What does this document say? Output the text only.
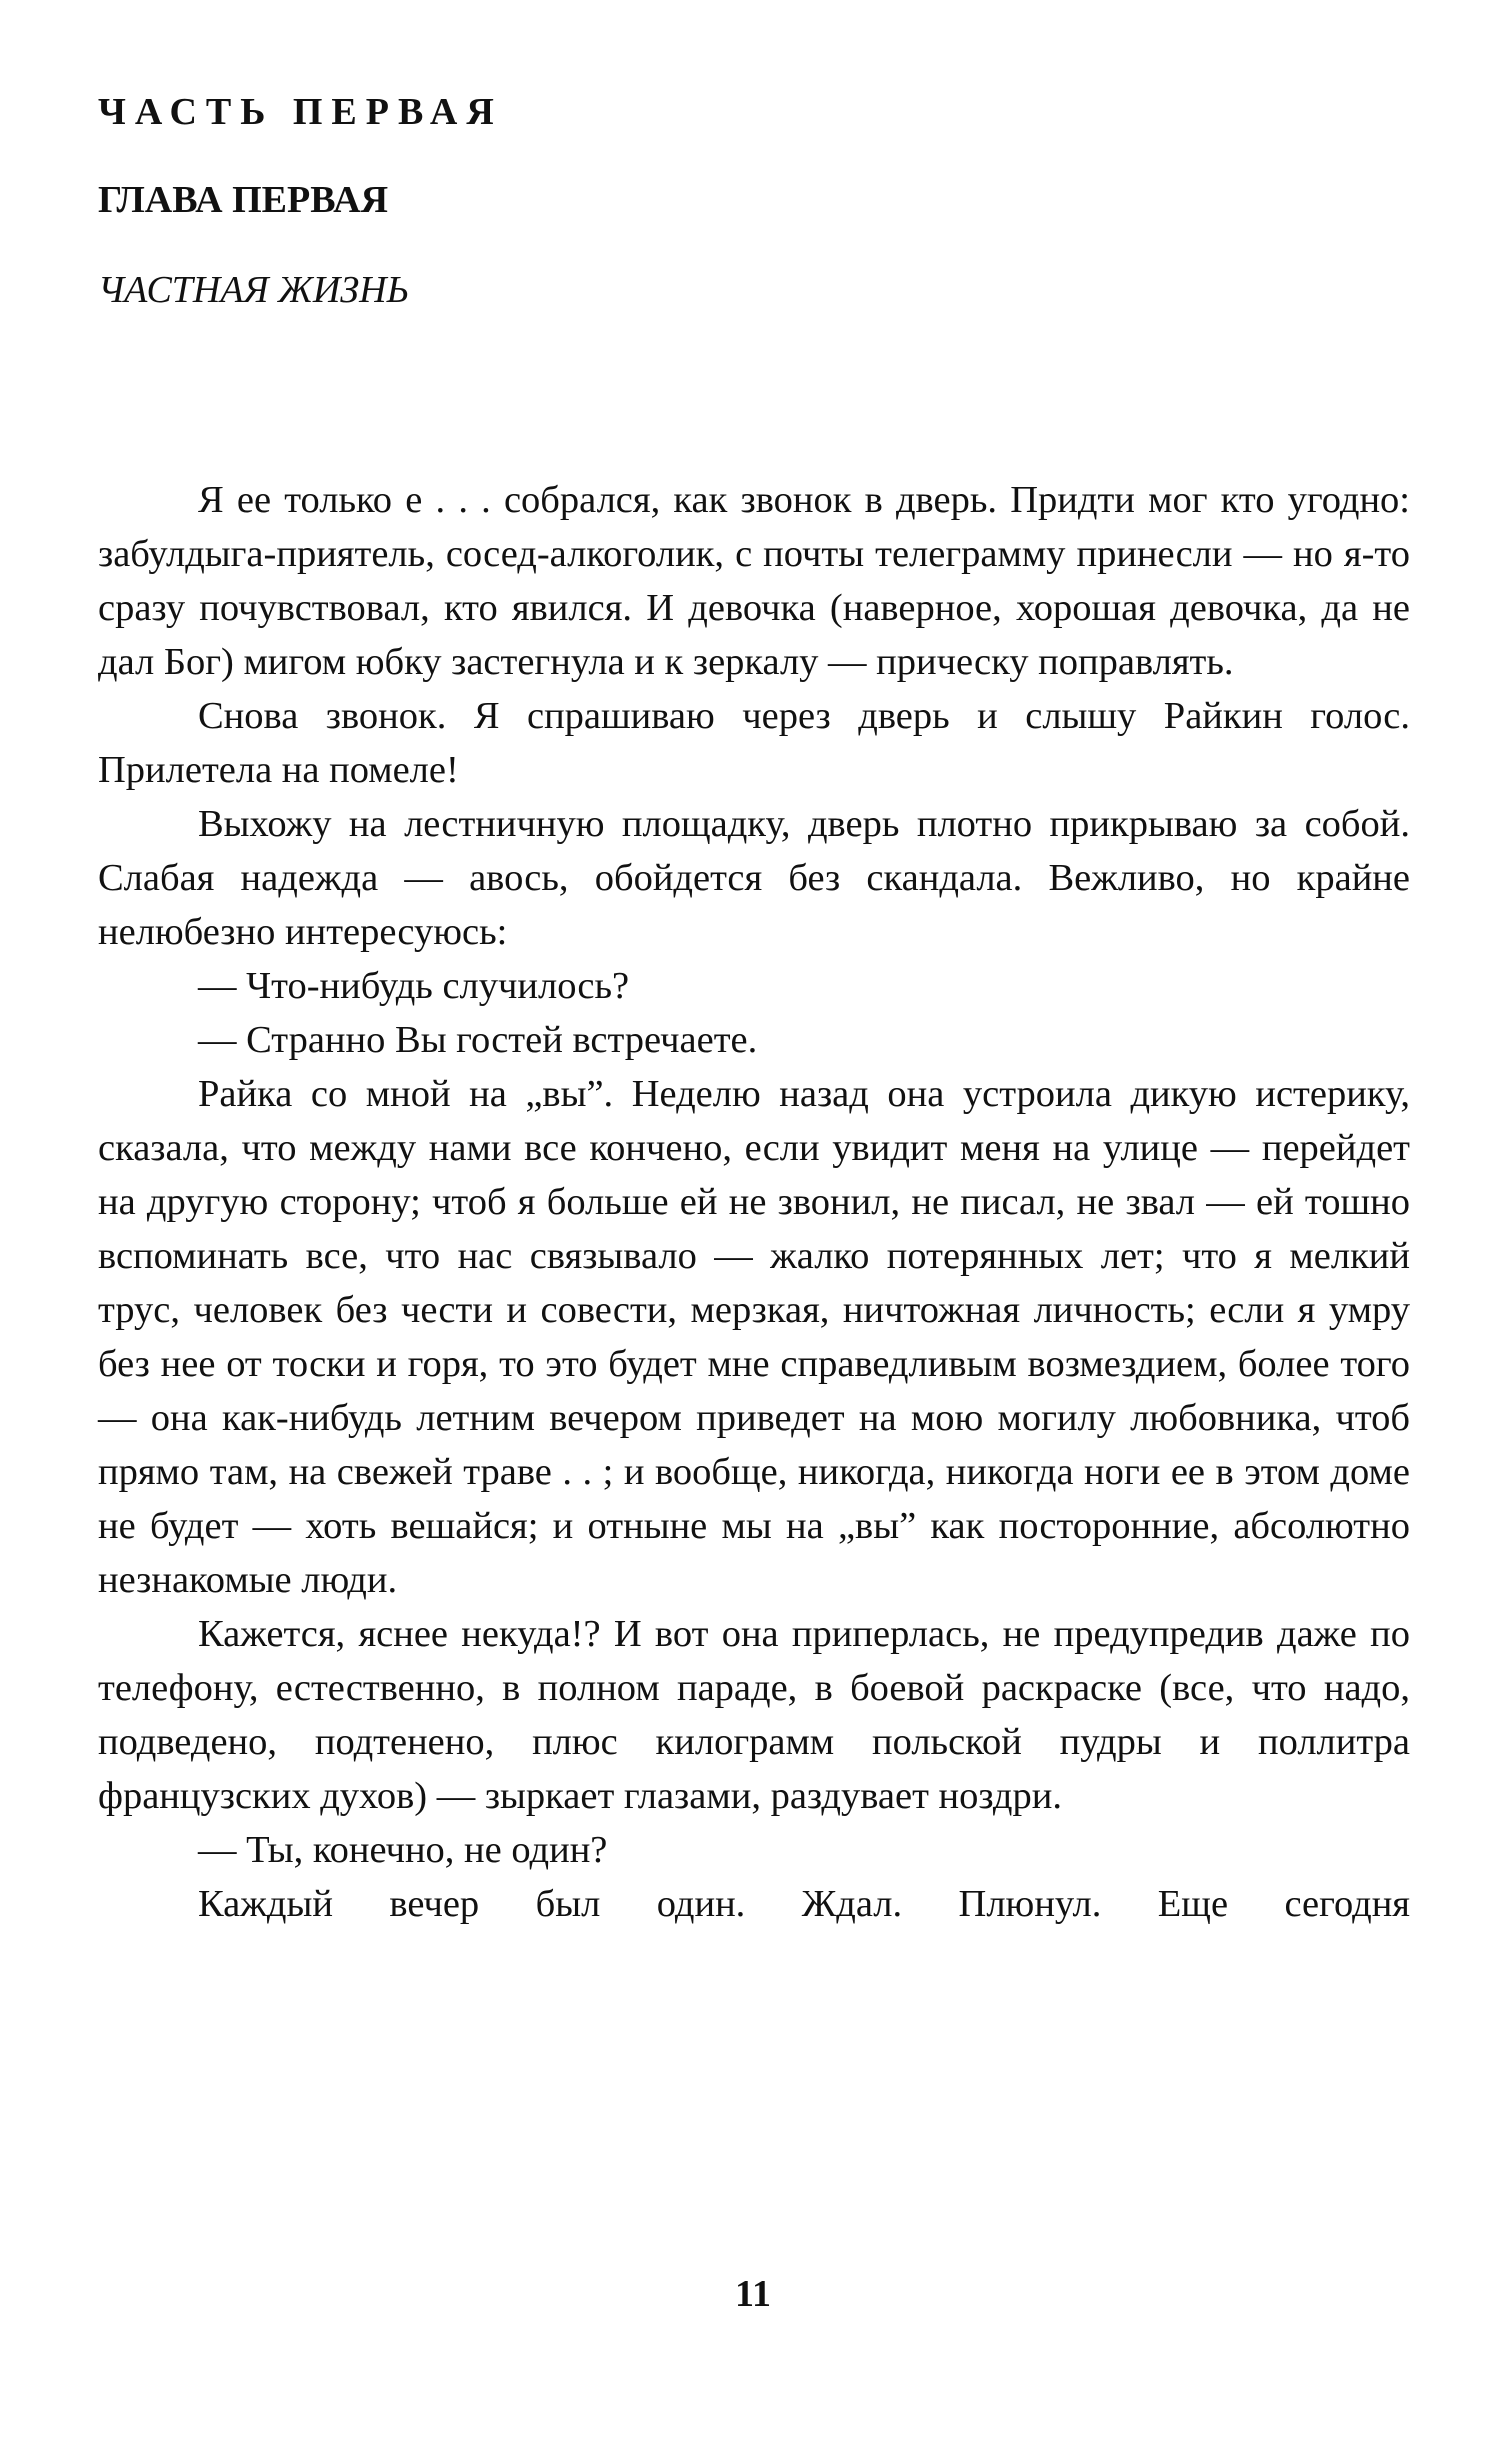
ЧАСТЬ ПЕРВАЯ
ГЛАВА ПЕРВАЯ
ЧАСТНАЯ ЖИЗНЬ

Я ее только е . . . собрался, как звонок в дверь. Придти мог кто угодно: забулдыга-приятель, сосед-алкоголик, с почты телеграмму принесли — но я-то сразу почувствовал, кто явился. И девочка (наверное, хорошая девочка, да не дал Бог) мигом юбку застегнула и к зеркалу — прическу поправлять.

Снова звонок. Я спрашиваю через дверь и слышу Райкин голос. Прилетела на помеле!

Выхожу на лестничную площадку, дверь плотно прикрываю за собой. Слабая надежда — авось, обойдется без скандала. Вежливо, но крайне нелюбезно интересуюсь:

— Что-нибудь случилось?

— Странно Вы гостей встречаете.

Райка со мной на „вы”. Неделю назад она устроила дикую истерику, сказала, что между нами все кончено, если увидит меня на улице — перейдет на другую сторону; чтоб я больше ей не звонил, не писал, не звал — ей тошно вспоминать все, что нас связывало — жалко потерянных лет; что я мелкий трус, человек без чести и совести, мерзкая, ничтожная личность; если я умру без нее от тоски и горя, то это будет мне справедливым возмездием, более того — она как-нибудь летним вечером приведет на мою могилу любовника, чтоб прямо там, на свежей траве . . ; и вообще, никогда, никогда ноги ее в этом доме не будет — хоть вешайся; и отныне мы на „вы” как посторонние, абсолютно незнакомые люди.

Кажется, яснее некуда!? И вот она приперлась, не предупредив даже по телефону, естественно, в полном параде, в боевой раскраске (все, что надо, подведено, подтенено, плюс килограмм польской пудры и поллитра французских духов) — зыркает глазами, раздувает ноздри.

— Ты, конечно, не один?

Каждый вечер был один. Ждал. Плюнул. Еще сегодня

11
